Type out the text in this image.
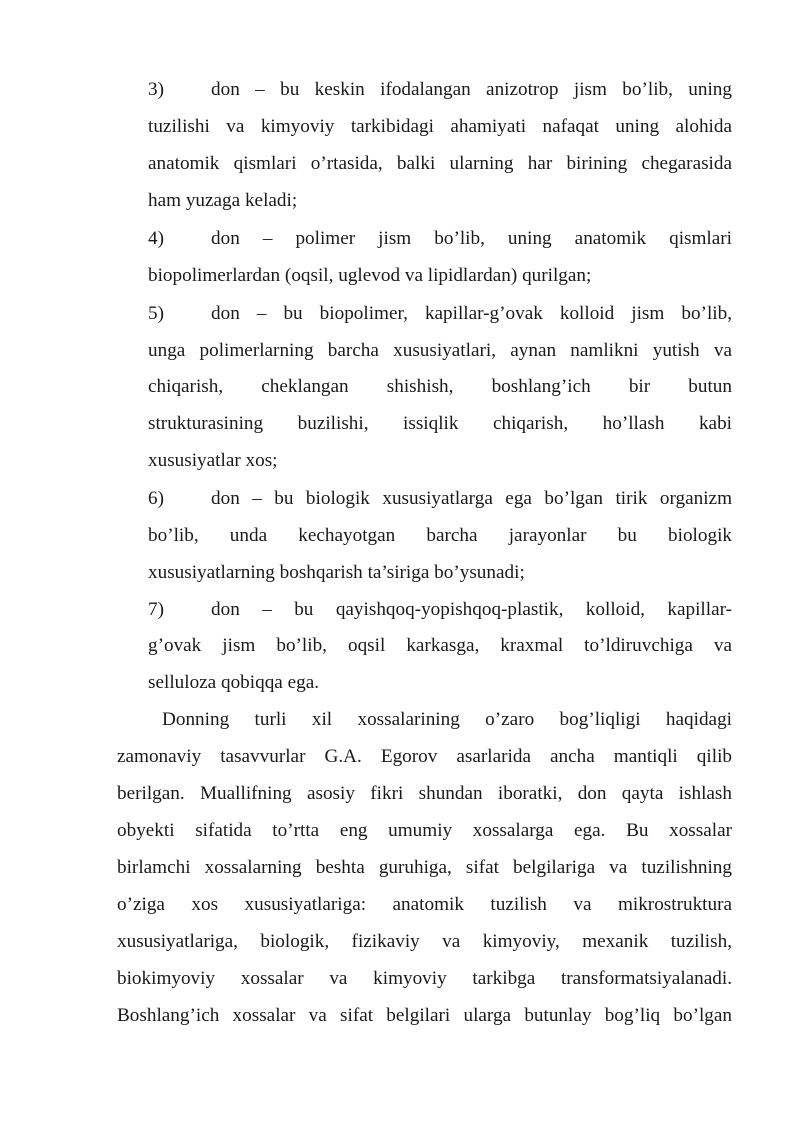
3) don – bu keskin ifodalangan anizotrop jism bo’lib, uning
tuzilishi va kimyoviy tarkibidagi ahamiyati nafaqat uning alohida
anatomik qismlari o’rtasida, balki ularning har birining chegarasida
ham yuzaga keladi;
4) don – polimer jism bo’lib, uning anatomik qismlari
biopolimerlardan (oqsil, uglevod va lipidlardan) qurilgan;
5) don – bu biopolimer, kapillar-g’ovak kolloid jism bo’lib,
unga polimerlarning barcha xususiyatlari, aynan namlikni yutish va
chiqarish, cheklangan shishish, boshlang’ich bir butun
strukturasining buzilishi, issiqlik chiqarish, ho’llash kabi
xususiyatlar xos;
6) don – bu biologik xususiyatlarga ega bo’lgan tirik organizm
bo’lib, unda kechayotgan barcha jarayonlar bu biologik
xususiyatlarning boshqarish ta’siriga bo’ysunadi;
7) don – bu qayishqoq-yopishqoq-plastik, kolloid, kapillar-
g’ovak jism bo’lib, oqsil karkasga, kraxmal to’ldiruvchiga va
selluloza qobiqqa ega.
Donning turli xil xossalarining o’zaro bog’liqligi haqidagi
zamonaviy tasavvurlar G.A. Egorov asarlarida ancha mantiqli qilib
berilgan. Muallifning asosiy fikri shundan iboratki, don qayta ishlash
obyekti sifatida to’rtta eng umumiy xossalarga ega. Bu xossalar
birlamchi xossalarning beshta guruhiga, sifat belgilariga va tuzilishning
o’ziga xos xususiyatlariga: anatomik tuzilish va mikrostruktura
xususiyatlariga, biologik, fizikaviy va kimyoviy, mexanik tuzilish,
biokimyoviy xossalar va kimyoviy tarkibga transformatsiyalanadi.
Boshlang’ich xossalar va sifat belgilari ularga butunlay bog’liq bo’lgan
